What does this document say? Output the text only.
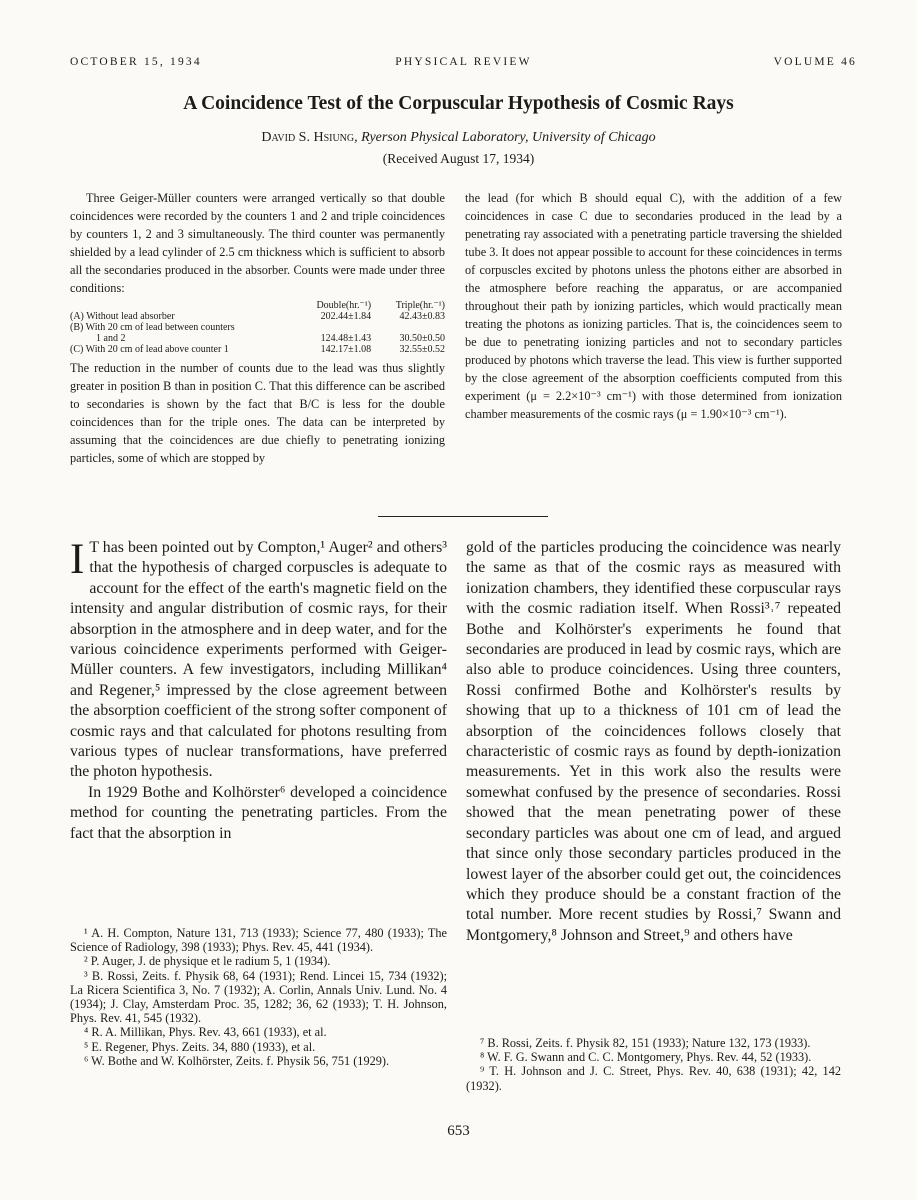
OCTOBER 15, 1934	PHYSICAL REVIEW	VOLUME 46
A Coincidence Test of the Corpuscular Hypothesis of Cosmic Rays
David S. Hsiung, Ryerson Physical Laboratory, University of Chicago
(Received August 17, 1934)

Three Geiger-Müller counters were arranged vertically so that double coincidences were recorded by the counters 1 and 2 and triple coincidences by counters 1, 2 and 3 simultaneously. The third counter was permanently shielded by a lead cylinder of 2.5 cm thickness which is sufficient to absorb all the secondaries produced in the absorber. Counts were made under three conditions:

	Double(hr.⁻¹)	Triple(hr.⁻¹)
(A) Without lead absorber	202.44±1.84	42.43±0.83
(B) With 20 cm of lead between counters		
1 and 2	124.48±1.43	30.50±0.50
(C) With 20 cm of lead above counter 1	142.17±1.08	32.55±0.52

The reduction in the number of counts due to the lead was thus slightly greater in position B than in position C. That this difference can be ascribed to secondaries is shown by the fact that B/C is less for the double coincidences than for the triple ones. The data can be interpreted by assuming that the coincidences are due chiefly to penetrating ionizing particles, some of which are stopped by

the lead (for which B should equal C), with the addition of a few coincidences in case C due to secondaries produced in the lead by a penetrating ray associated with a penetrating particle traversing the shielded tube 3. It does not appear possible to account for these coincidences in terms of corpuscles excited by photons unless the photons either are absorbed in the atmosphere before reaching the apparatus, or are accompanied throughout their path by ionizing particles, which would practically mean treating the photons as ionizing particles. That is, the coincidences seem to be due to penetrating ionizing particles and not to secondary particles produced by photons which traverse the lead. This view is further supported by the close agreement of the absorption coefficients computed from this experiment (μ = 2.2×10⁻³ cm⁻¹) with those determined from ionization chamber measurements of the cosmic rays (μ = 1.90×10⁻³ cm⁻¹).

I T has been pointed out by Compton,¹ Auger² and others³ that the hypothesis of charged corpuscles is adequate to account for the effect of the earth's magnetic field on the intensity and angular distribution of cosmic rays, for their absorption in the atmosphere and in deep water, and for the various coincidence experiments performed with Geiger-Müller counters. A few investigators, including Millikan⁴ and Regener,⁵ impressed by the close agreement between the absorption coefficient of the strong softer component of cosmic rays and that calculated for photons resulting from various types of nuclear transformations, have preferred the photon hypothesis.

In 1929 Bothe and Kolhörster⁶ developed a coincidence method for counting the penetrating particles. From the fact that the absorption in

gold of the particles producing the coincidence was nearly the same as that of the cosmic rays as measured with ionization chambers, they identified these corpuscular rays with the cosmic radiation itself. When Rossi³˒⁷ repeated Bothe and Kolhörster's experiments he found that secondaries are produced in lead by cosmic rays, which are also able to produce coincidences. Using three counters, Rossi confirmed Bothe and Kolhörster's results by showing that up to a thickness of 101 cm of lead the absorption of the coincidences follows closely that characteristic of cosmic rays as found by depth-ionization measurements. Yet in this work also the results were somewhat confused by the presence of secondaries. Rossi showed that the mean penetrating power of these secondary particles was about one cm of lead, and argued that since only those secondary particles produced in the lowest layer of the absorber could get out, the coincidences which they produce should be a constant fraction of the total number. More recent studies by Rossi,⁷ Swann and Montgomery,⁸ Johnson and Street,⁹ and others have

¹ A. H. Compton, Nature 131, 713 (1933); Science 77, 480 (1933); The Science of Radiology, 398 (1933); Phys. Rev. 45, 441 (1934).

² P. Auger, J. de physique et le radium 5, 1 (1934).

³ B. Rossi, Zeits. f. Physik 68, 64 (1931); Rend. Lincei 15, 734 (1932); La Ricera Scientifica 3, No. 7 (1932); A. Corlin, Annals Univ. Lund. No. 4 (1934); J. Clay, Amsterdam Proc. 35, 1282; 36, 62 (1933); T. H. Johnson, Phys. Rev. 41, 545 (1932).

⁴ R. A. Millikan, Phys. Rev. 43, 661 (1933), et al.

⁵ E. Regener, Phys. Zeits. 34, 880 (1933), et al.

⁶ W. Bothe and W. Kolhörster, Zeits. f. Physik 56, 751 (1929).

⁷ B. Rossi, Zeits. f. Physik 82, 151 (1933); Nature 132, 173 (1933).

⁸ W. F. G. Swann and C. C. Montgomery, Phys. Rev. 44, 52 (1933).

⁹ T. H. Johnson and J. C. Street, Phys. Rev. 40, 638 (1931); 42, 142 (1932).

653
